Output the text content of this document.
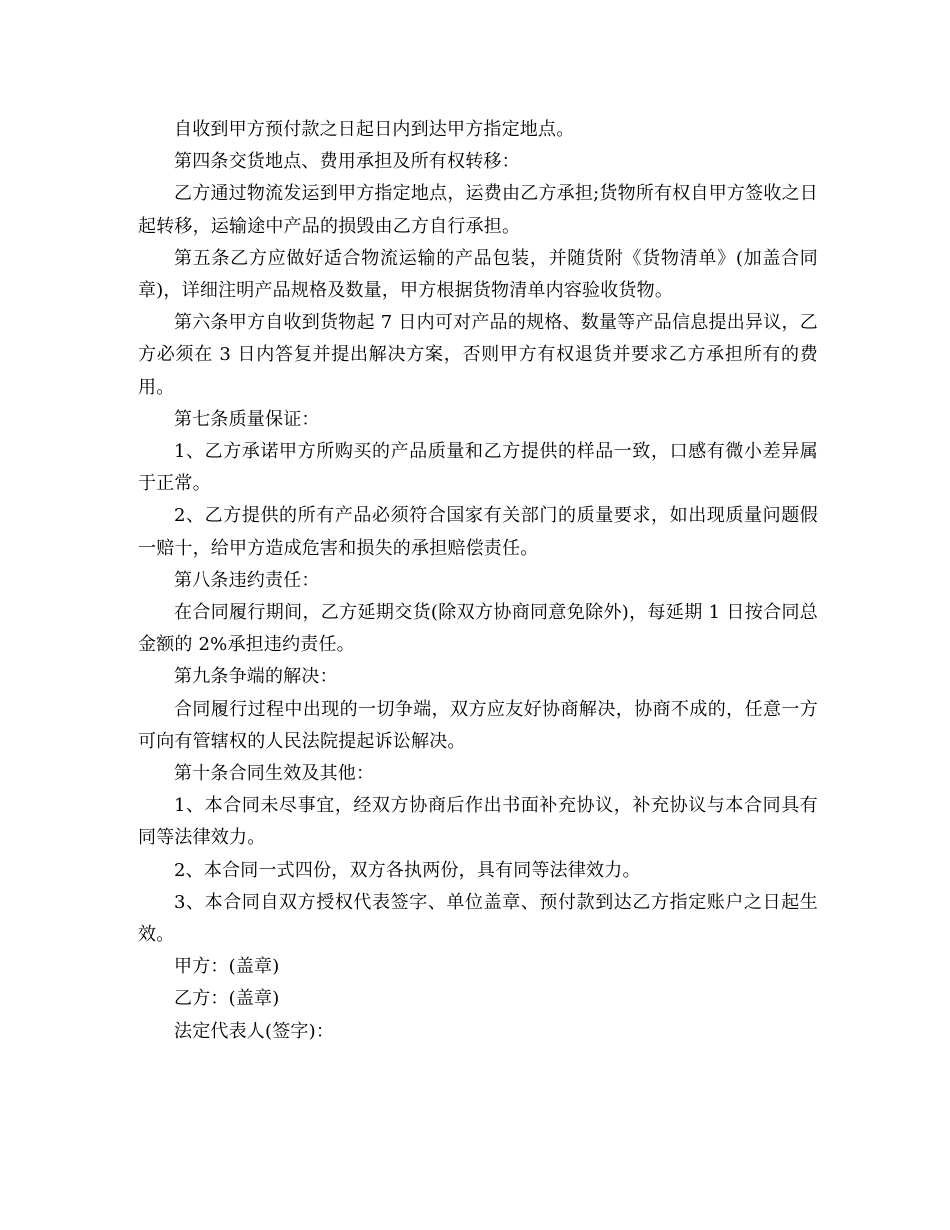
自收到甲方预付款之日起日内到达甲方指定地点。

第四条交货地点、费用承担及所有权转移：

乙方通过物流发运到甲方指定地点，运费由乙方承担;货物所有权自甲方签收之日起转移，运输途中产品的损毁由乙方自行承担。

第五条乙方应做好适合物流运输的产品包装，并随货附《货物清单》(加盖合同章)，详细注明产品规格及数量，甲方根据货物清单内容验收货物。

第六条甲方自收到货物起 7 日内可对产品的规格、数量等产品信息提出异议，乙方必须在 3 日内答复并提出解决方案，否则甲方有权退货并要求乙方承担所有的费用。

第七条质量保证：

1、乙方承诺甲方所购买的产品质量和乙方提供的样品一致，口感有微小差异属于正常。

2、乙方提供的所有产品必须符合国家有关部门的质量要求，如出现质量问题假一赔十，给甲方造成危害和损失的承担赔偿责任。

第八条违约责任：

在合同履行期间，乙方延期交货(除双方协商同意免除外)，每延期 1 日按合同总金额的 2%承担违约责任。

第九条争端的解决：

合同履行过程中出现的一切争端，双方应友好协商解决，协商不成的，任意一方可向有管辖权的人民法院提起诉讼解决。

第十条合同生效及其他：

1、本合同未尽事宜，经双方协商后作出书面补充协议，补充协议与本合同具有同等法律效力。

2、本合同一式四份，双方各执两份，具有同等法律效力。

3、本合同自双方授权代表签字、单位盖章、预付款到达乙方指定账户之日起生效。

甲方：(盖章)

乙方：(盖章)

法定代表人(签字)：
